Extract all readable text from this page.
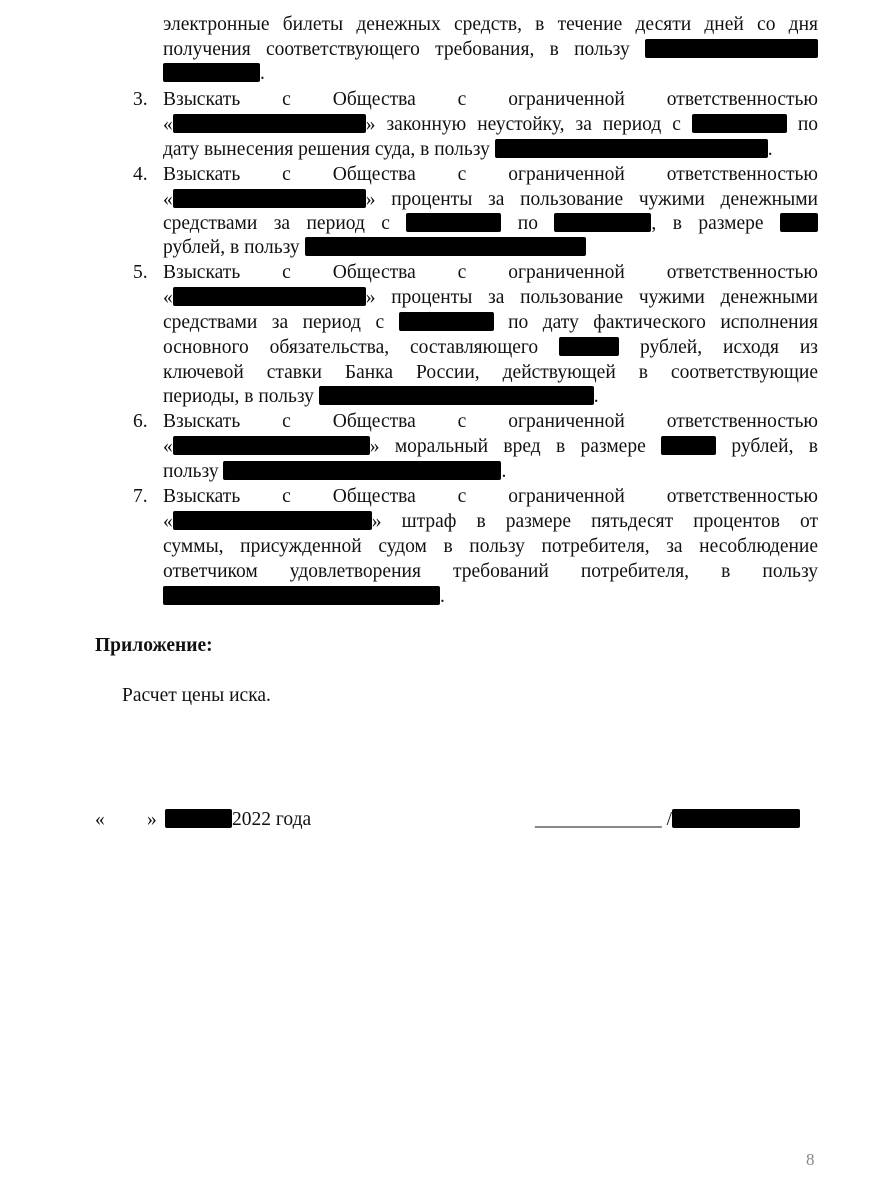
электронные билеты денежных средств, в течение десяти дней со дня
получения соответствующего требования, в пользу
.
3. Взыскать с Общества с ограниченной ответственностью
«	» законную неустойку, за период с	по
дату вынесения решения суда, в пользу	.
4. Взыскать с Общества с ограниченной ответственностью
«	» проценты за пользование чужими денежными
средствами за период с	по	, в размере
рублей, в пользу
5. Взыскать с Общества с ограниченной ответственностью
«	» проценты за пользование чужими денежными
средствами за период с	по дату фактического исполнения
основного обязательства, составляющего	рублей, исходя из
ключевой ставки Банка России, действующей в соответствующие
периоды, в пользу	.
6. Взыскать с Общества с ограниченной ответственностью
«	» моральный вред в размере	рублей, в
пользу	.
7. Взыскать с Общества с ограниченной ответственностью
«	» штраф в размере пятьдесят процентов от
суммы, присужденной судом в пользу потребителя, за несоблюдение
ответчиком удовлетворения требований потребителя, в пользу
.
Приложение:
Расчет цены иска.
« »	2022 года	_____________ /
8
